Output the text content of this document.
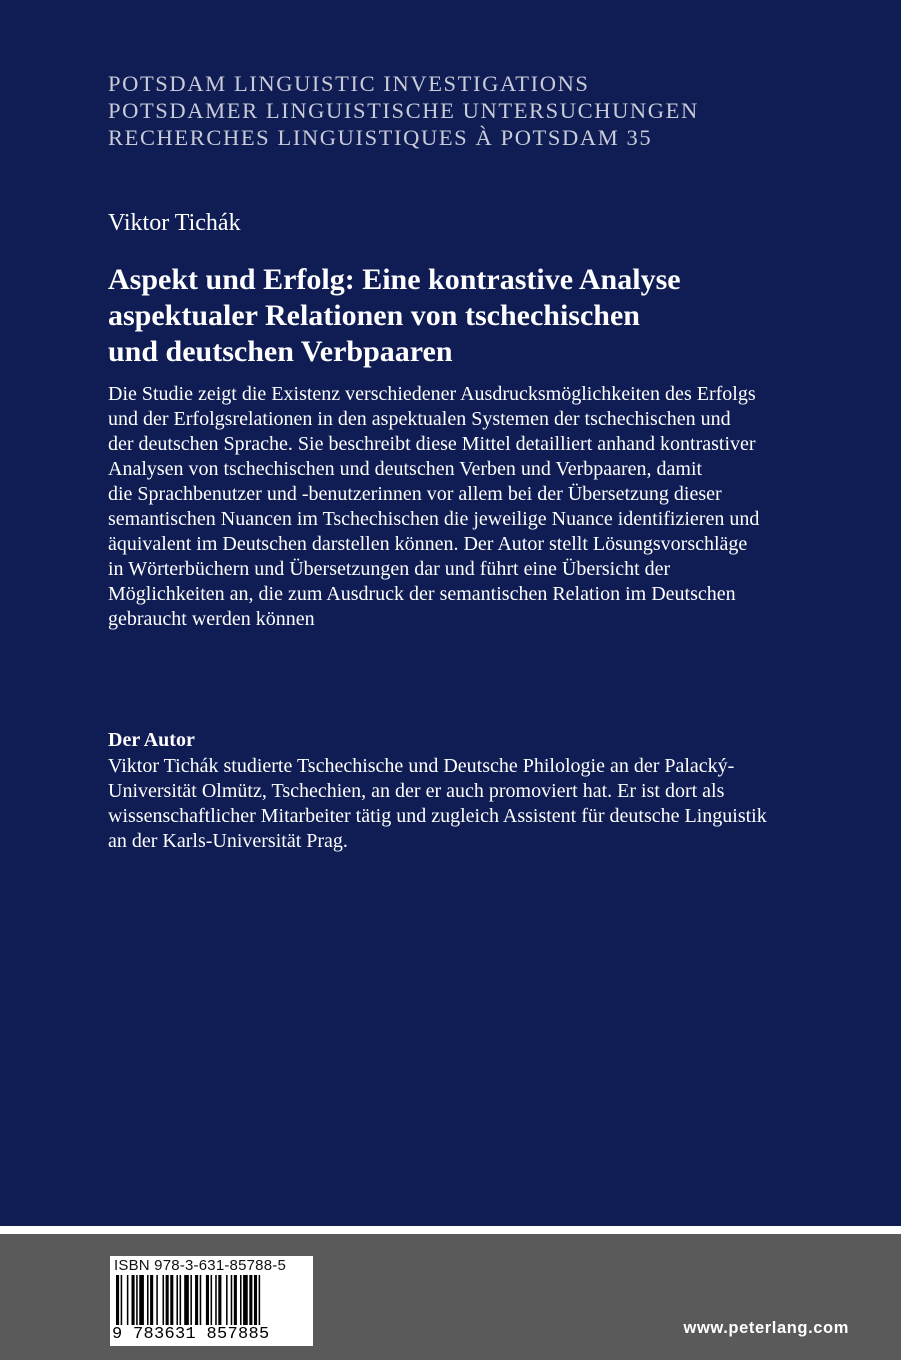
POTSDAM LINGUISTIC INVESTIGATIONS
POTSDAMER LINGUISTISCHE UNTERSUCHUNGEN
RECHERCHES LINGUISTIQUES À POTSDAM 35
Viktor Tichák
Aspekt und Erfolg: Eine kontrastive Analyse
aspektualer Relationen von tschechischen
und deutschen Verbpaaren
Die Studie zeigt die Existenz verschiedener Ausdrucksmöglichkeiten des Erfolgs
und der Erfolgsrelationen in den aspektualen Systemen der tschechischen und
der deutschen Sprache. Sie beschreibt diese Mittel detailliert anhand kontrastiver
Analysen von tschechischen und deutschen Verben und Verbpaaren, damit
die Sprachbenutzer und -benutzerinnen vor allem bei der Übersetzung dieser
semantischen Nuancen im Tschechischen die jeweilige Nuance identifizieren und
äquivalent im Deutschen darstellen können. Der Autor stellt Lösungsvorschläge
in Wörterbüchern und Übersetzungen dar und führt eine Übersicht der
Möglichkeiten an, die zum Ausdruck der semantischen Relation im Deutschen
gebraucht werden können
Der Autor
Viktor Tichák studierte Tschechische und Deutsche Philologie an der Palacký-
Universität Olmütz, Tschechien, an der er auch promoviert hat. Er ist dort als
wissenschaftlicher Mitarbeiter tätig und zugleich Assistent für deutsche Linguistik
an der Karls-Universität Prag.
ISBN 978-3-631-85788-5
9 783631 857885	www.peterlang.com
